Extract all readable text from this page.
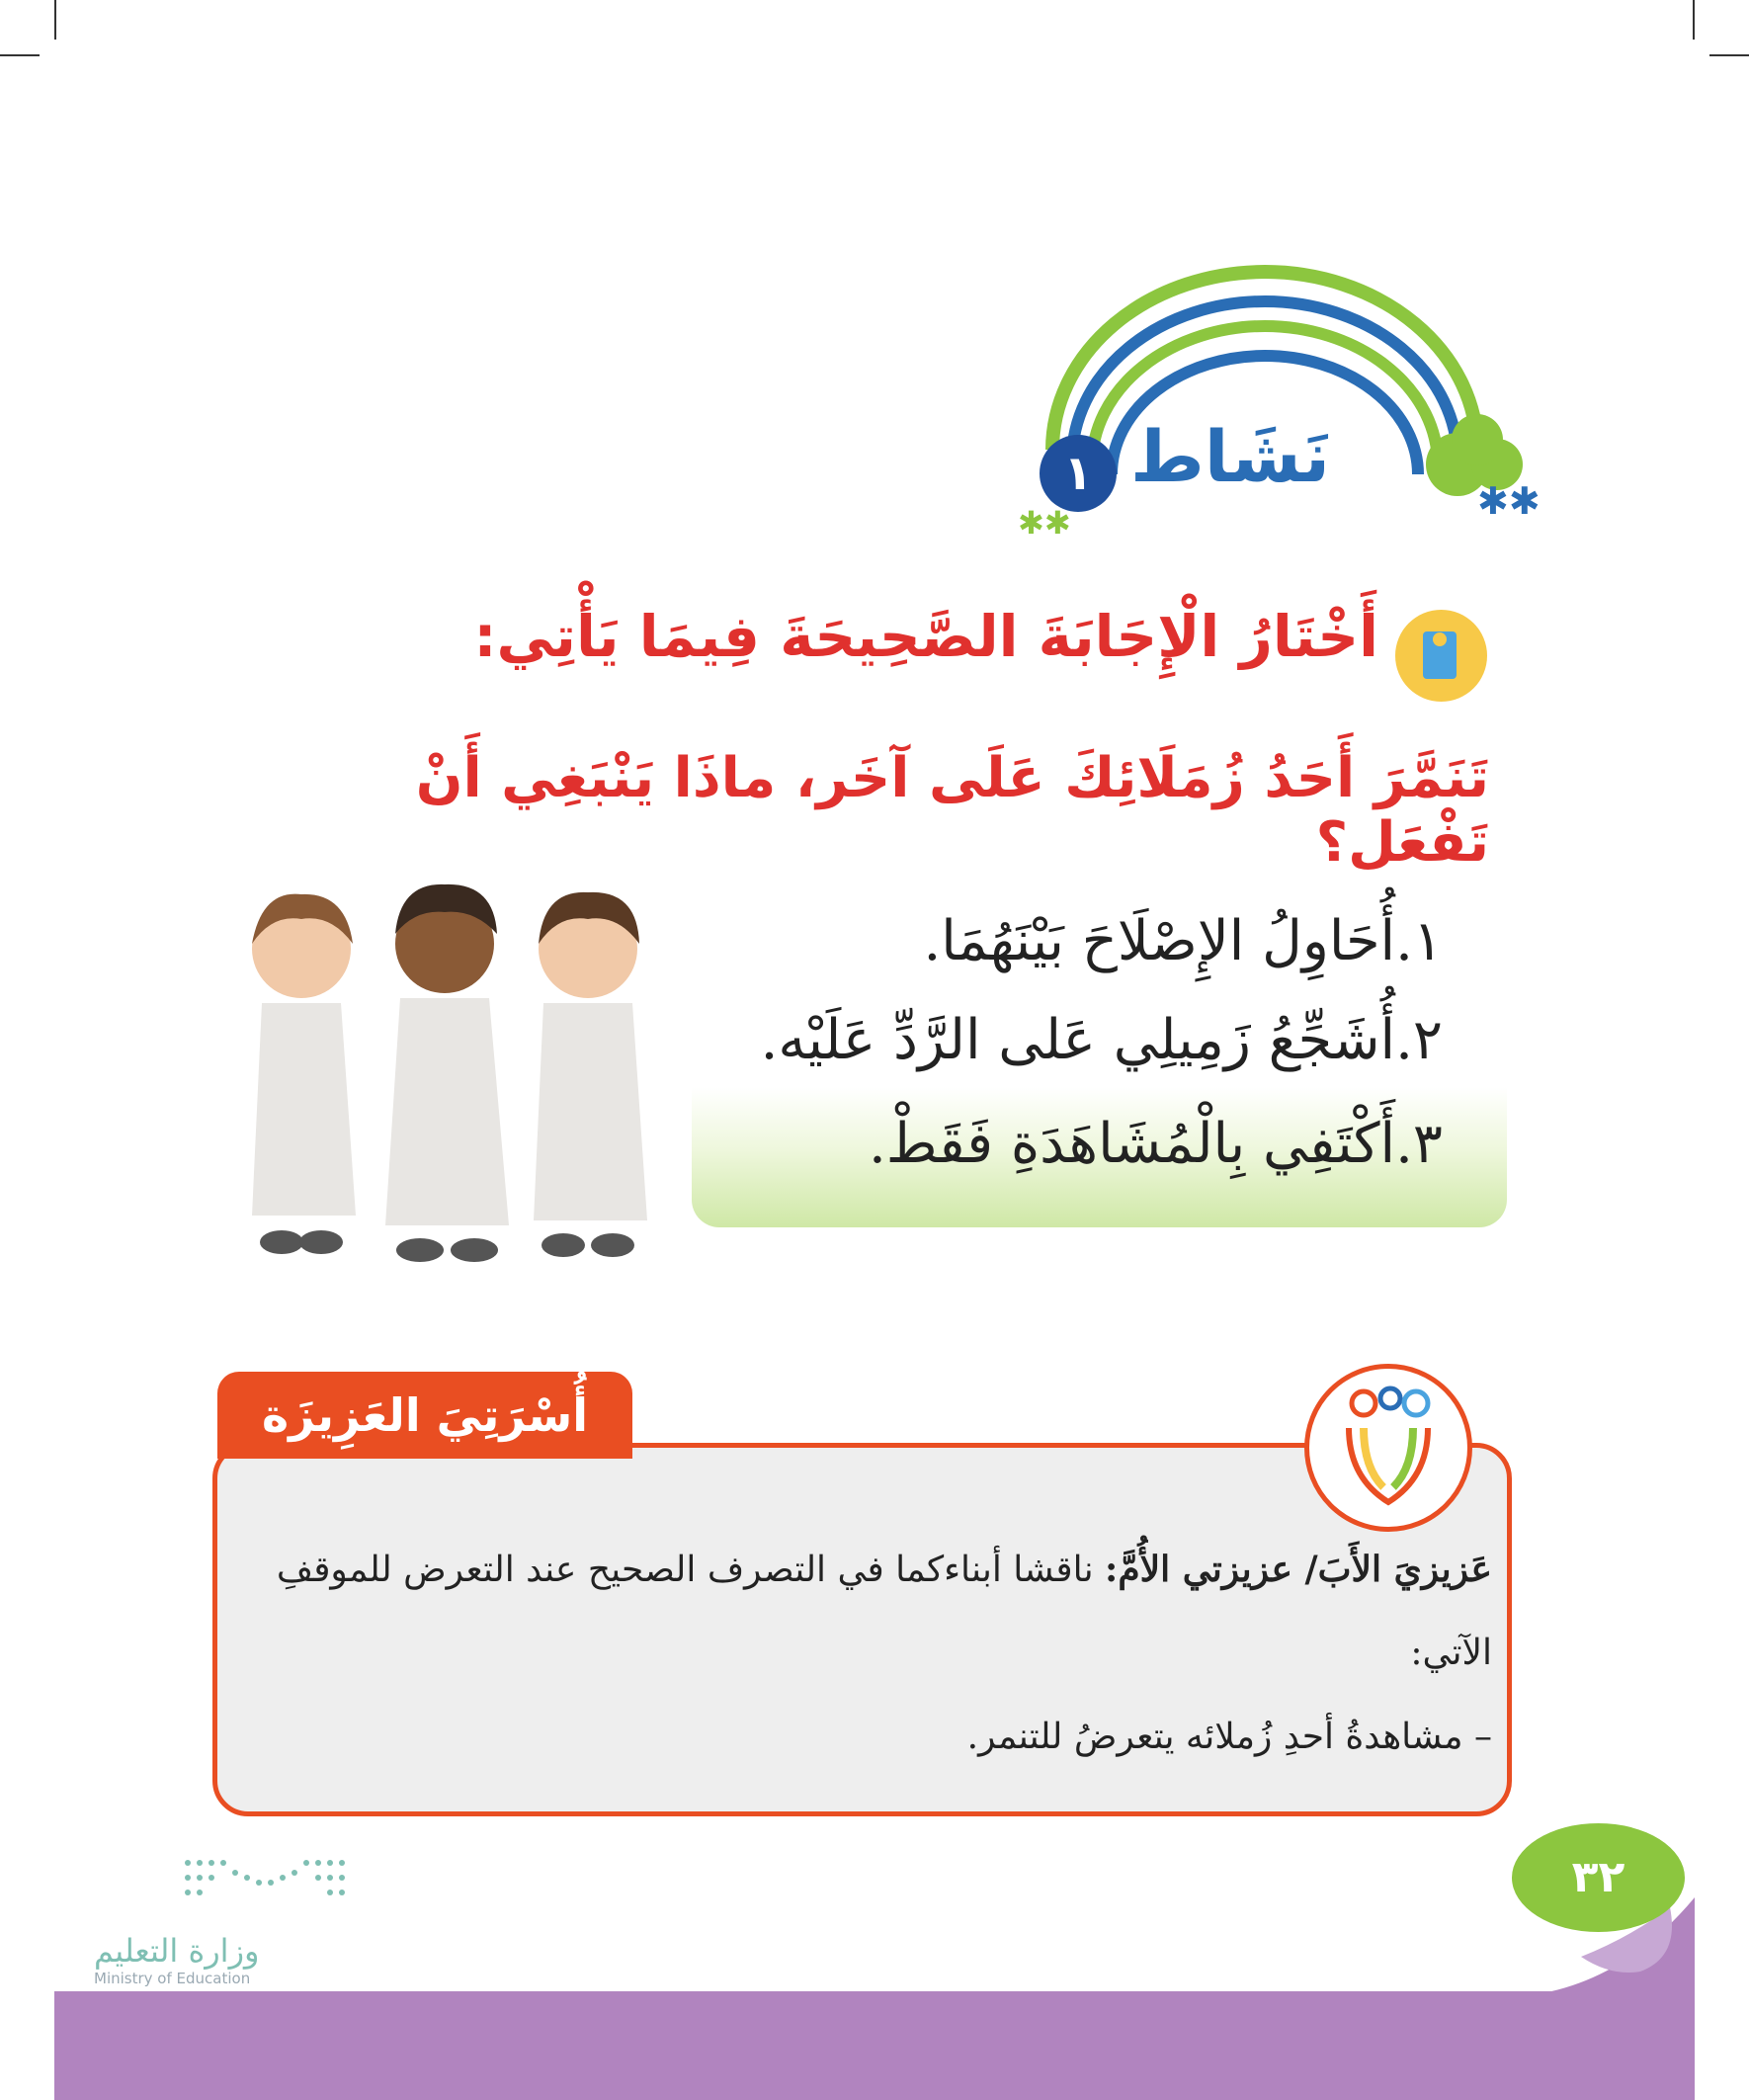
✱✱
✱✱
نَشَاط
١
أَخْتَارُ الْإِجَابَةَ الصَّحِيحَةَ فِيمَا يَأْتِي:
تَنَمَّرَ أَحَدُ زُمَلَائِكَ عَلَى آخَر، ماذَا يَنْبَغِي أَنْ تَفْعَل؟
١.أُحَاوِلُ الإِصْلَاحَ بَيْنَهُمَا.
٢.أُشَجِّعُ زَمِيلِي عَلى الرَّدِّ عَلَيْه.
٣.أَكْتَفِي بِالْمُشَاهَدَةِ فَقَطْ.
أُسْرَتِيَ العَزِيزَة
عَزيزيَ الأَبَ/ عزيزتي الأُمَّ: ناقشا أبناءكما في التصرف الصحيح عند التعرض للموقفِ
الآتي:
– مشاهدةُ أحدِ زُملائه يتعرضُ للتنمر.
٣٢
وزارة التعليم
Ministry of Education
